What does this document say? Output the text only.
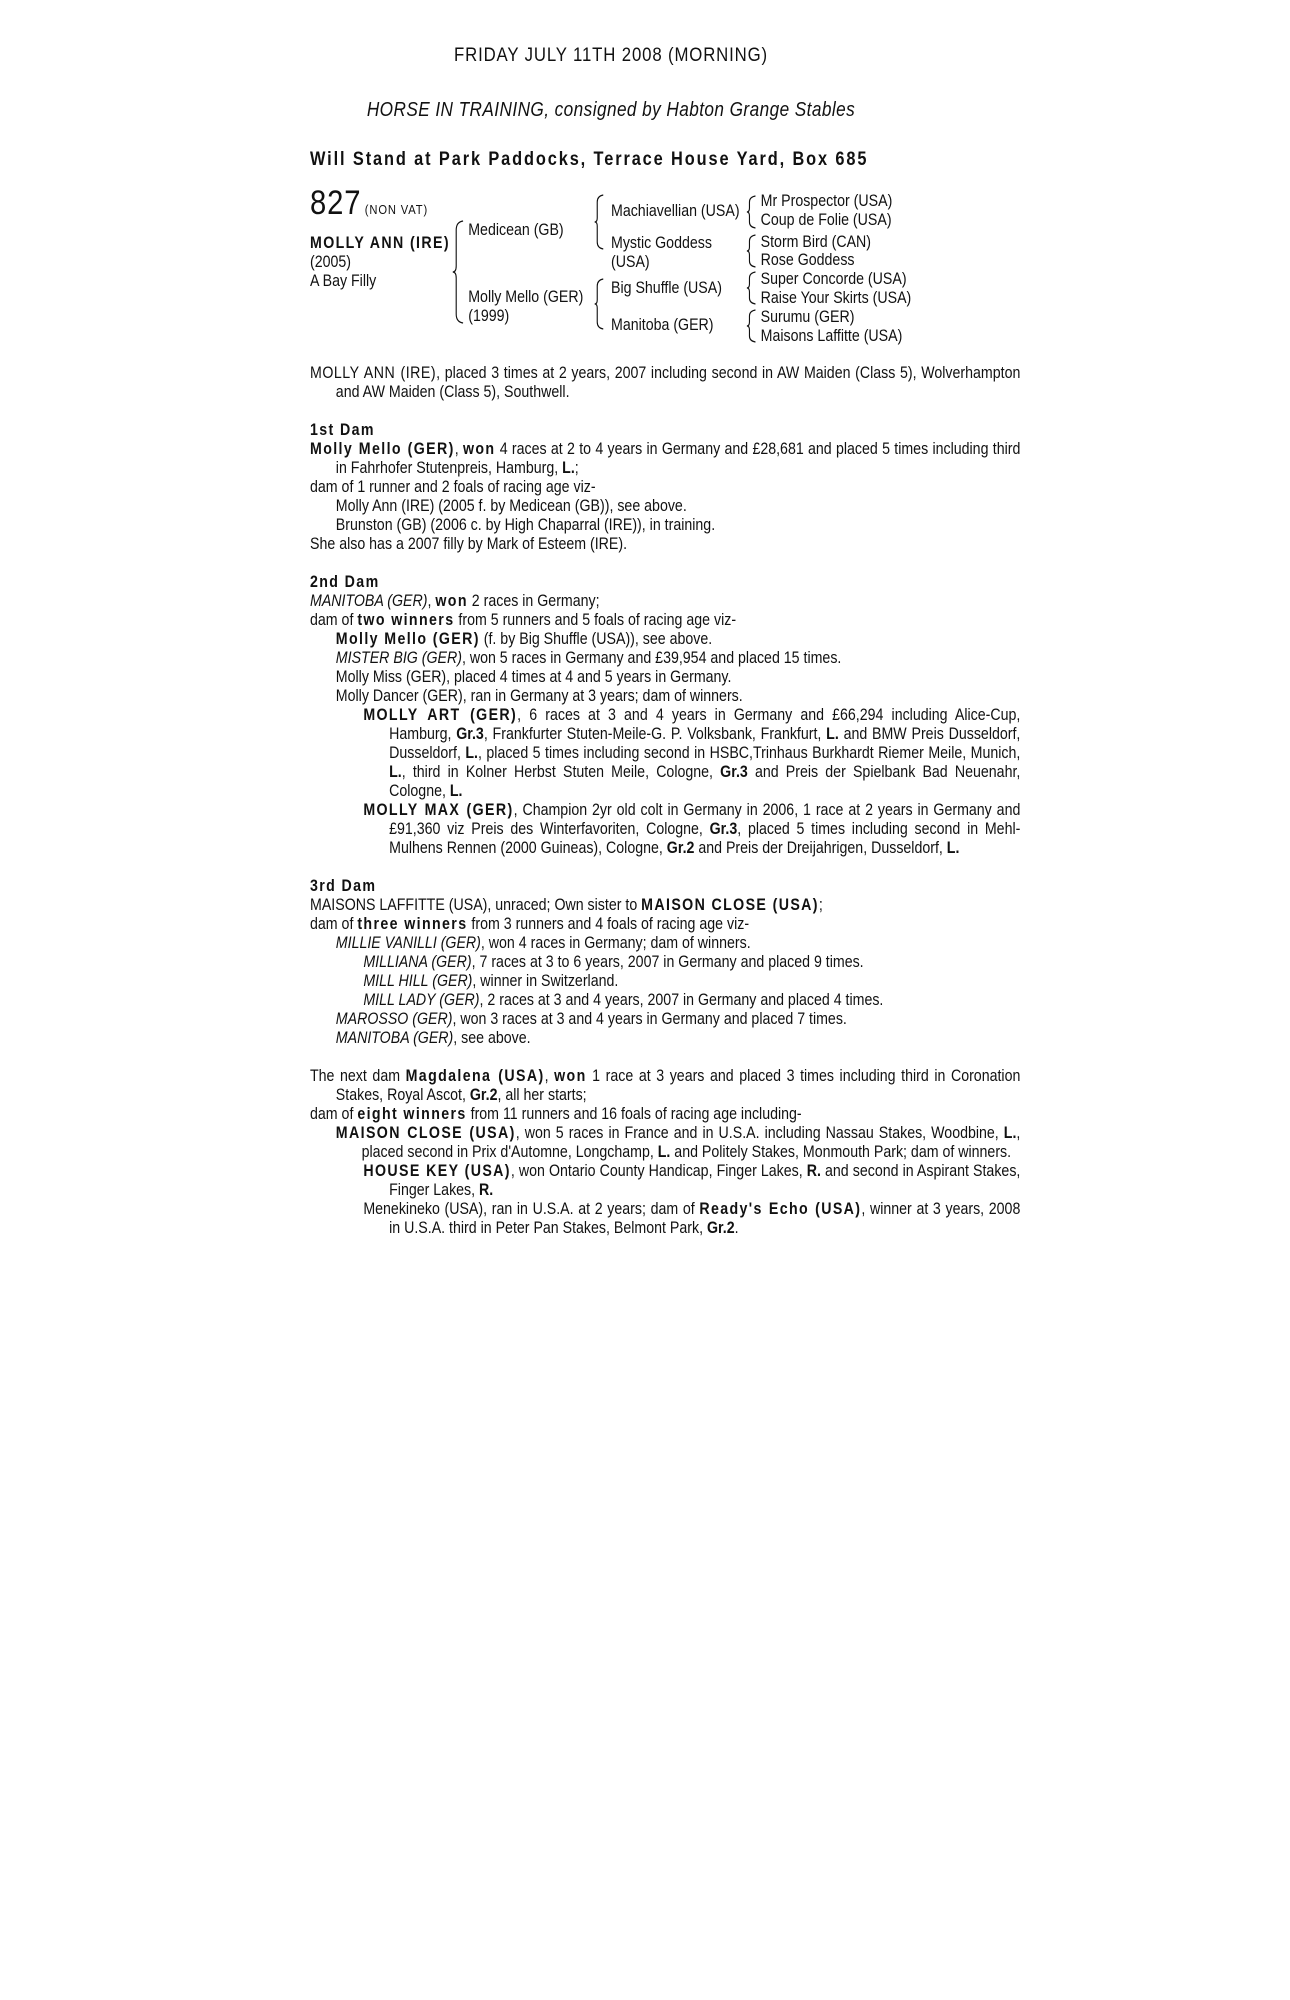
FRIDAY JULY 11TH 2008 (MORNING)
HORSE IN TRAINING, consigned by Habton Grange Stables
Will Stand at Park Paddocks, Terrace House Yard, Box 685
827 (NON VAT)
MOLLY ANN (IRE)
(2005)
A Bay Filly
Medicean (GB)
Molly Mello (GER)
(1999)
Machiavellian (USA)
Mystic Goddess
(USA)
Big Shuffle (USA)
Manitoba (GER)
Mr Prospector (USA)
Coup de Folie (USA)
Storm Bird (CAN)
Rose Goddess
Super Concorde (USA)
Raise Your Skirts (USA)
Surumu (GER)
Maisons Laffitte (USA)

MOLLY ANN (IRE), placed 3 times at 2 years, 2007 including second in AW Maiden (Class 5), Wolverhampton and AW Maiden (Class 5), Southwell.

1st Dam

Molly Mello (GER), won 4 races at 2 to 4 years in Germany and £28,681 and placed 5 times including third in Fahrhofer Stutenpreis, Hamburg, L.;

dam of 1 runner and 2 foals of racing age viz-
Molly Ann (IRE) (2005 f. by Medicean (GB)), see above.
Brunston (GB) (2006 c. by High Chaparral (IRE)), in training.
She also has a 2007 filly by Mark of Esteem (IRE).
2nd Dam
MANITOBA (GER), won 2 races in Germany;
dam of two winners from 5 runners and 5 foals of racing age viz-
Molly Mello (GER) (f. by Big Shuffle (USA)), see above.
MISTER BIG (GER), won 5 races in Germany and £39,954 and placed 15 times.
Molly Miss (GER), placed 4 times at 4 and 5 years in Germany.
Molly Dancer (GER), ran in Germany at 3 years; dam of winners.

MOLLY ART (GER), 6 races at 3 and 4 years in Germany and £66,294 including Alice-Cup, Hamburg, Gr.3, Frankfurter Stuten-Meile-G. P. Volksbank, Frankfurt, L. and BMW Preis Dusseldorf, Dusseldorf, L., placed 5 times including second in HSBC,Trinhaus Burkhardt Riemer Meile, Munich, L., third in Kolner Herbst Stuten Meile, Cologne, Gr.3 and Preis der Spielbank Bad Neuenahr, Cologne, L.

MOLLY MAX (GER), Champion 2yr old colt in Germany in 2006, 1 race at 2 years in Germany and £91,360 viz Preis des Winterfavoriten, Cologne, Gr.3, placed 5 times including second in Mehl-Mulhens Rennen (2000 Guineas), Cologne, Gr.2 and Preis der Dreijahrigen, Dusseldorf, L.

3rd Dam
MAISONS LAFFITTE (USA), unraced; Own sister to MAISON CLOSE (USA);
dam of three winners from 3 runners and 4 foals of racing age viz-
MILLIE VANILLI (GER), won 4 races in Germany; dam of winners.
MILLIANA (GER), 7 races at 3 to 6 years, 2007 in Germany and placed 9 times.
MILL HILL (GER), winner in Switzerland.

MILL LADY (GER), 2 races at 3 and 4 years, 2007 in Germany and placed 4 times.

MAROSSO (GER), won 3 races at 3 and 4 years in Germany and placed 7 times.
MANITOBA (GER), see above.

The next dam Magdalena (USA), won 1 race at 3 years and placed 3 times including third in Coronation Stakes, Royal Ascot, Gr.2, all her starts;

dam of eight winners from 11 runners and 16 foals of racing age including-

MAISON CLOSE (USA), won 5 races in France and in U.S.A. including Nassau Stakes, Woodbine, L., placed second in Prix d'Automne, Longchamp, L. and Politely Stakes, Monmouth Park; dam of winners.

HOUSE KEY (USA), won Ontario County Handicap, Finger Lakes, R. and second in Aspirant Stakes, Finger Lakes, R.

Menekineko (USA), ran in U.S.A. at 2 years; dam of Ready's Echo (USA), winner at 3 years, 2008 in U.S.A. third in Peter Pan Stakes, Belmont Park, Gr.2.
